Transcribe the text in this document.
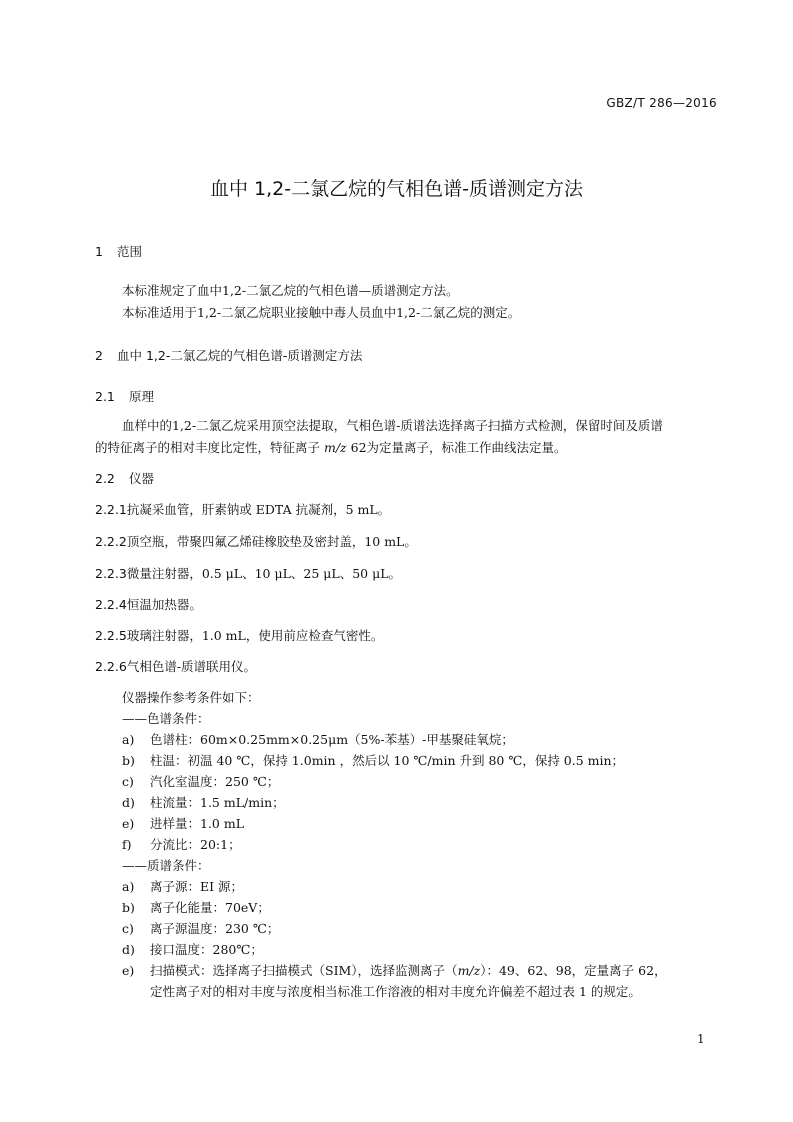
GBZ/T 286—2016
血中 1,2-二氯乙烷的气相色谱-质谱测定方法
1 范围
本标准规定了血中1,2-二氯乙烷的气相色谱—质谱测定方法。
本标准适用于1,2-二氯乙烷职业接触中毒人员血中1,2-二氯乙烷的测定。
2 血中 1,2-二氯乙烷的气相色谱-质谱测定方法
2.1 原理
血样中的1,2-二氯乙烷采用顶空法提取，气相色谱-质谱法选择离子扫描方式检测，保留时间及质谱
的特征离子的相对丰度比定性，特征离子 m/z 62为定量离子，标准工作曲线法定量。
2.2 仪器
2.2.1抗凝采血管，肝素钠或 EDTA 抗凝剂，5 mL。
2.2.2顶空瓶，带聚四氟乙烯硅橡胶垫及密封盖，10 mL。
2.2.3微量注射器，0.5 μL、10 μL、25 μL、50 μL。
2.2.4恒温加热器。
2.2.5玻璃注射器，1.0 mL，使用前应检查气密性。
2.2.6气相色谱-质谱联用仪。
仪器操作参考条件如下：
——色谱条件：
a) 色谱柱：60m×0.25mm×0.25μm（5%-苯基）-甲基聚硅氧烷；
b) 柱温：初温 40 ℃，保持 1.0min ，然后以 10 ℃/min 升到 80 ℃，保持 0.5 min；
c) 汽化室温度：250 ℃；
d) 柱流量：1.5 mL/min；
e) 进样量：1.0 mL
f) 分流比：20:1；
——质谱条件：
a) 离子源：EI 源；
b) 离子化能量：70eV；
c) 离子源温度：230 ℃；
d) 接口温度：280℃；
e) 扫描模式：选择离子扫描模式（SIM），选择监测离子（m/z）：49、62、98，定量离子 62，
定性离子对的相对丰度与浓度相当标准工作溶液的相对丰度允许偏差不超过表 1 的规定。
1
